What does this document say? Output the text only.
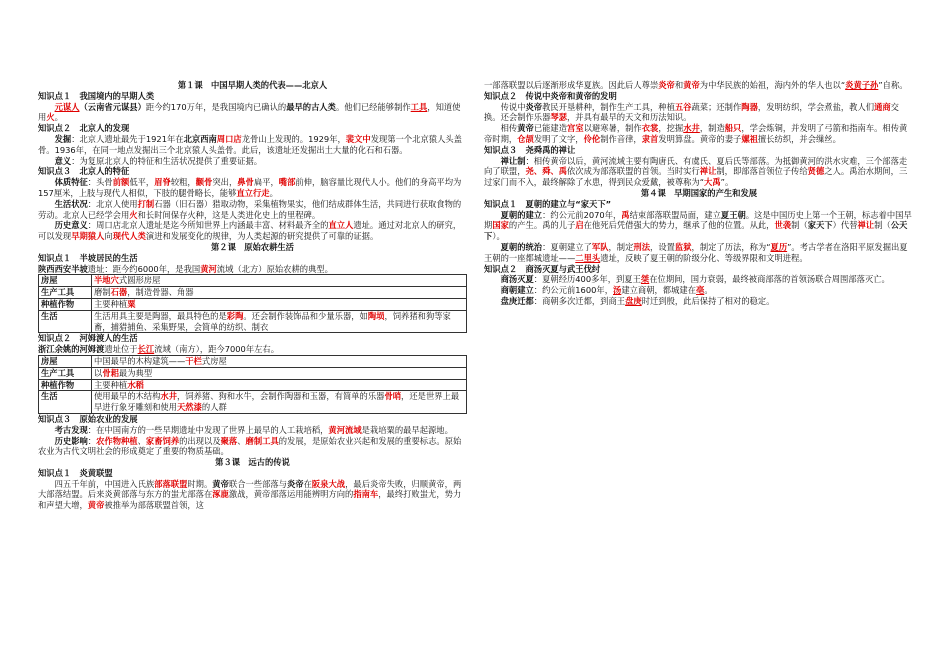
第１课　中国早期人类的代表——北京人

知识点１　我国境内的早期人类

元谋人（云南省元谋县）距今约170万年，是我国境内已确认的最早的古人类。他们已经能够制作工具，知道使用火。

知识点２　北京人的发现

发掘：北京人遗址最先于1921年在北京西南周口店龙骨山上发现的。1929年，裴文中发现第一个北京猿人头盖骨。1936年，在同一地点发掘出三个北京猿人头盖骨。此后，该遗址还发掘出土大量的化石和石器。

意义：为复原北京人的特征和生活状况提供了重要证据。

知识点３　北京人的特征

体质特征：头骨前额低平，眉脊较粗，颧骨突出，鼻骨扁平，嘴部前伸，脑容量比现代人小。他们的身高平均为157厘米，上肢与现代人相似，下肢的腿骨略长，能够直立行走。

生活状况：北京人使用打制石器（旧石器）猎取动物，采集植物果实，他们结成群体生活，共同进行获取食物的劳动。北京人已经学会用火和长时间保存火种，这是人类进化史上的里程碑。

历史意义：周口店北京人遗址是迄今所知世界上内涵最丰富、材料最齐全的直立人遗址。通过对北京人的研究，可以发现早期猿人向现代人类演进和发展变化的规律，为人类起源的研究提供了可靠的证据。

第２课　原始农耕生活

知识点１　半坡居民的生活

陕西西安半坡遗址：距今约6000年，是我国黄河流域（北方）原始农耕的典型。

房屋	半地穴式圆形房屋
生产工具	磨制石器，制造骨器、角器
种植作物	主要种植粟
生活	生活用具主要是陶器，最具特色的是彩陶。还会制作装饰品和少量乐器，如陶埙，饲养猪和狗等家畜，捕猎捕鱼、采集野果，会简单的纺织、制衣

知识点２　河姆渡人的生活

浙江余姚的河姆渡遗址位于长江流域（南方），距今7000年左右。

房屋	中国最早的木构建筑——干栏式房屋
生产工具	以骨耜最为典型
种植作物	主要种植水稻
生活	使用最早的木结构水井，饲养猪、狗和水牛，会制作陶器和玉器，有简单的乐器骨哨，还是世界上最早进行象牙雕刻和使用天然漆的人群

知识点３　原始农业的发展

考古发现：在中国南方的一些早期遗址中发现了世界上最早的人工栽培稻，黄河流域是栽培粟的最早起源地。

历史影响：农作物种植、家畜饲养的出现以及聚落、磨制工具的发展，是原始农业兴起和发展的重要标志。原始农业为古代文明社会的形成奠定了重要的物质基础。

第３课　远古的传说

知识点１　炎黄联盟

四五千年前，中国进入氏族部落联盟时期。黄帝联合一些部落与炎帝在阪泉大战，最后炎帝失败，归顺黄帝，两大部落结盟。后来炎黄部落与东方的蚩尤部落在涿鹿激战，黄帝部落运用能辨明方向的指南车，最终打败蚩尤，势力和声望大增，黄帝被推举为部落联盟首领，这

一部落联盟以后逐渐形成华夏族。因此后人尊崇炎帝和黄帝为中华民族的始祖，海内外的华人也以“炎黄子孙”自称。

知识点２　传说中炎帝和黄帝的发明

传说中炎帝教民开垦耕种，制作生产工具，种植五谷蔬菜；还制作陶器，发明纺织，学会煮盐，教人们通商交换。还会制作乐器琴瑟，并具有最早的天文和历法知识。

相传黄帝已能建造宫室以避寒暑，制作衣裳，挖掘水井，制造船只，学会炼铜，并发明了弓箭和指南车。相传黄帝时期，仓颉发明了文字，伶伦制作音律，隶首发明算盘。黄帝的妻子嫘祖擅长纺织，并会缫丝。

知识点３　尧舜禹的禅让

禅让制：相传黄帝以后，黄河流域主要有陶唐氏、有虞氏、夏后氏等部落。为抵御黄河的洪水灾难，三个部落走向了联盟，尧、舜、禹依次成为部落联盟的首领。当时实行禅让制，即部落首领位子传给贤德之人。禹治水期间，三过家门而不入，最终解除了水患，得到民众爱戴，被尊称为“大禹”。

第４课　早期国家的产生和发展

知识点１　夏朝的建立与“家天下”

夏朝的建立：约公元前2070年，禹结束部落联盟局面，建立夏王朝。这是中国历史上第一个王朝，标志着中国早期国家的产生。禹的儿子启在他死后凭借强大的势力，继承了他的位置。从此，世袭制（家天下）代替禅让制（公天下）。

夏朝的统治：夏朝建立了军队，制定刑法，设置监狱，制定了历法，称为“夏历”。考古学者在洛阳平原发掘出夏王朝的一座都城遗址——二里头遗址，反映了夏王朝的阶级分化、等级界限和文明进程。

知识点２　商汤灭夏与武王伐纣

商汤灭夏：夏朝经历400多年，到夏王桀在位期间，国力衰弱，最终被商部落的首领汤联合周围部落灭亡。

商朝建立：约公元前1600年，汤建立商朝，都城建在亳。

盘庚迁都：商朝多次迁都，到商王盘庚时迁到殷，此后保持了相对的稳定。
